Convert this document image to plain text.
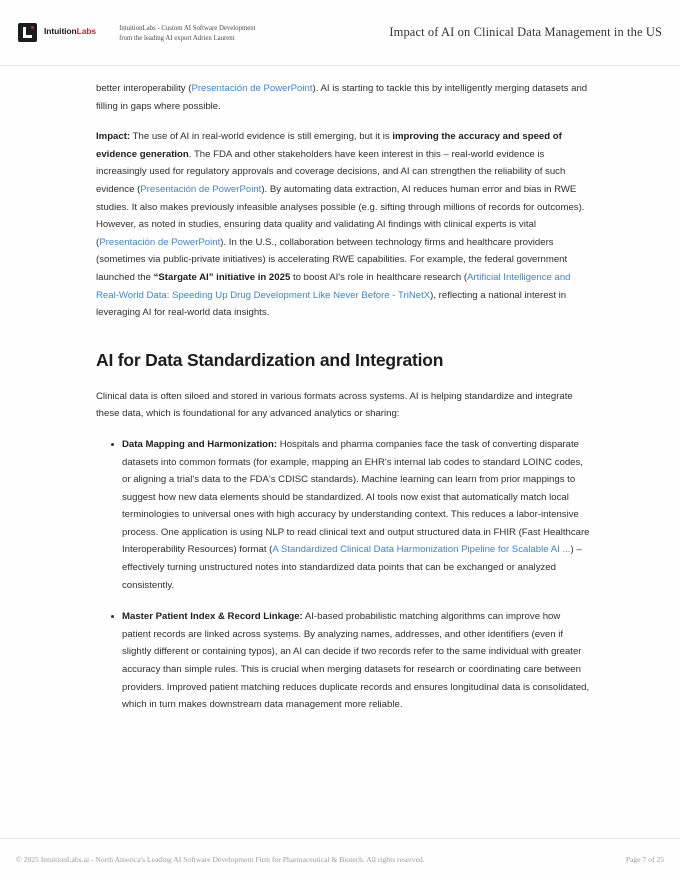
IntuitionLabs	IntuitionLabs - Custom AI Software Development
from the leading AI export Adrien Laurent	Impact of AI on Clinical Data Management in the US

better interoperability (Presentación de PowerPoint). AI is starting to tackle this by intelligently merging datasets and filling in gaps where possible.

Impact: The use of AI in real-world evidence is still emerging, but it is improving the accuracy and speed of evidence generation. The FDA and other stakeholders have keen interest in this – real-world evidence is increasingly used for regulatory approvals and coverage decisions, and AI can strengthen the reliability of such evidence (Presentación de PowerPoint). By automating data extraction, AI reduces human error and bias in RWE studies. It also makes previously infeasible analyses possible (e.g. sifting through millions of records for outcomes). However, as noted in studies, ensuring data quality and validating AI findings with clinical experts is vital (Presentación de PowerPoint). In the U.S., collaboration between technology firms and healthcare providers (sometimes via public-private initiatives) is accelerating RWE capabilities. For example, the federal government launched the “Stargate AI” initiative in 2025 to boost AI's role in healthcare research (Artificial Intelligence and Real-World Data: Speeding Up Drug Development Like Never Before - TriNetX), reflecting a national interest in leveraging AI for real-world data insights.

AI for Data Standardization and Integration

Clinical data is often siloed and stored in various formats across systems. AI is helping standardize and integrate these data, which is foundational for any advanced analytics or sharing:

Data Mapping and Harmonization: Hospitals and pharma companies face the task of converting disparate datasets into common formats (for example, mapping an EHR's internal lab codes to standard LOINC codes, or aligning a trial's data to the FDA's CDISC standards). Machine learning can learn from prior mappings to suggest how new data elements should be standardized. AI tools now exist that automatically match local terminologies to universal ones with high accuracy by understanding context. This reduces a labor-intensive process. One application is using NLP to read clinical text and output structured data in FHIR (Fast Healthcare Interoperability Resources) format (A Standardized Clinical Data Harmonization Pipeline for Scalable AI ...) – effectively turning unstructured notes into standardized data points that can be exchanged or analyzed consistently.
Master Patient Index & Record Linkage: AI-based probabilistic matching algorithms can improve how patient records are linked across systems. By analyzing names, addresses, and other identifiers (even if slightly different or containing typos), an AI can decide if two records refer to the same individual with greater accuracy than simple rules. This is crucial when merging datasets for research or coordinating care between providers. Improved patient matching reduces duplicate records and ensures longitudinal data is consolidated, which in turn makes downstream data management more reliable.
© 2025 IntuitionLabs.ai - North America's Leading AI Software Development Firm for Pharmaceutical & Biotech. All rights reserved.	Page 7 of 25
